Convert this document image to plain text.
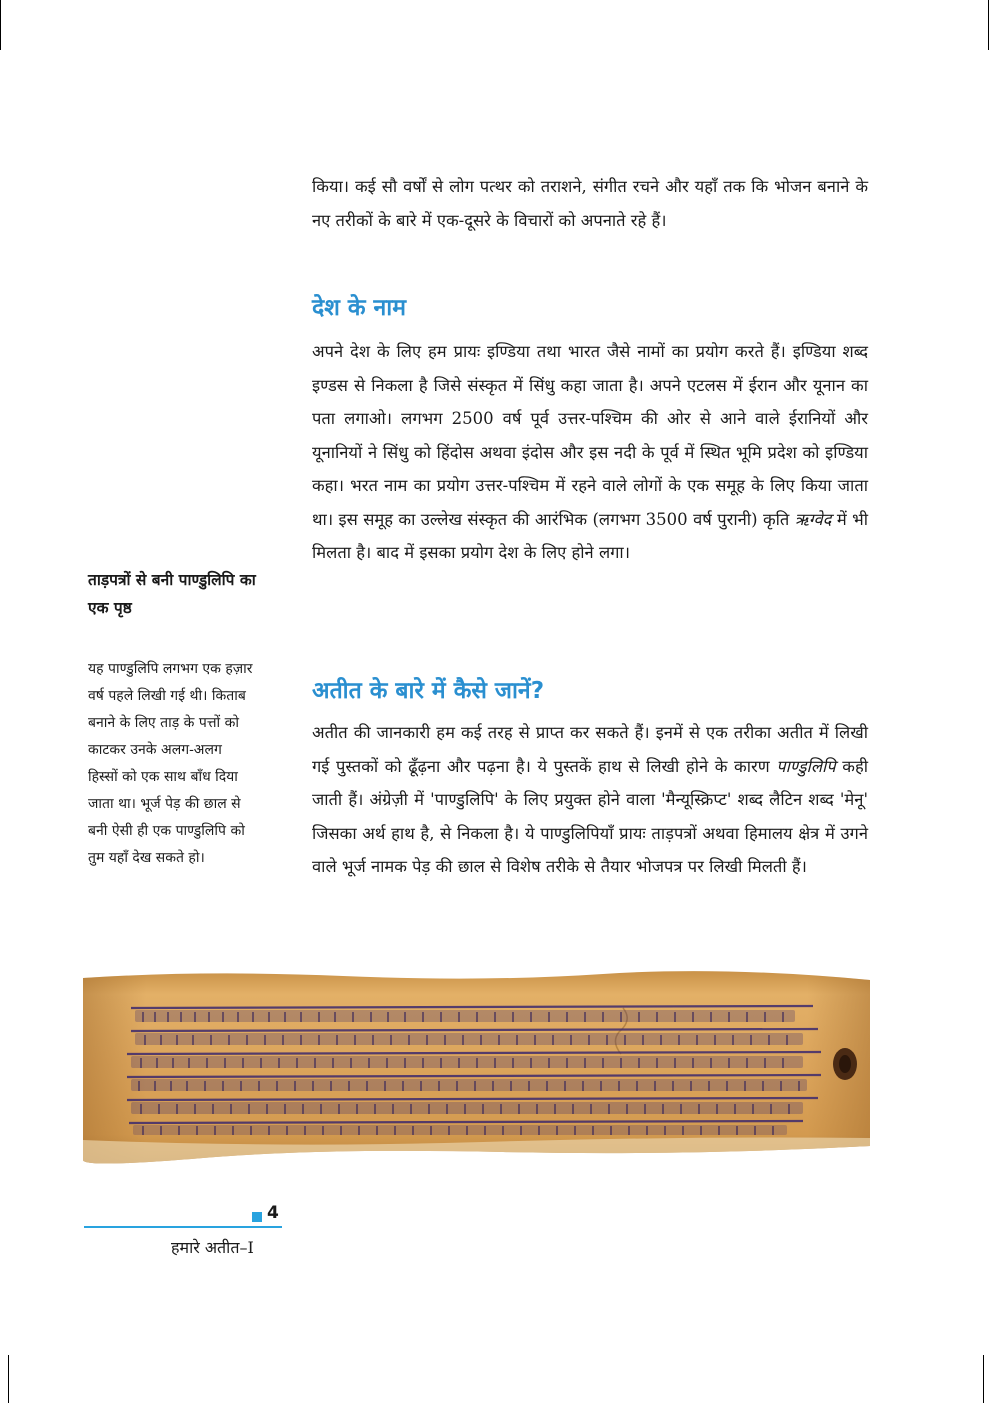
किया। कई सौ वर्षों से लोग पत्थर को तराशने, संगीत रचने और यहाँ तक कि भोजन बनाने के नए तरीकों के बारे में एक-दूसरे के विचारों को अपनाते रहे हैं।

देश के नाम

अपने देश के लिए हम प्रायः इण्डिया तथा भारत जैसे नामों का प्रयोग करते हैं। इण्डिया शब्द इण्डस से निकला है जिसे संस्कृत में सिंधु कहा जाता है। अपने एटलस में ईरान और यूनान का पता लगाओ। लगभग 2500 वर्ष पूर्व उत्तर-पश्चिम की ओर से आने वाले ईरानियों और यूनानियों ने सिंधु को हिंदोस अथवा इंदोस और इस नदी के पूर्व में स्थित भूमि प्रदेश को इण्डिया कहा। भरत नाम का प्रयोग उत्तर-पश्चिम में रहने वाले लोगों के एक समूह के लिए किया जाता था। इस समूह का उल्लेख संस्कृत की आरंभिक (लगभग 3500 वर्ष पुरानी) कृति ऋग्वेद में भी मिलता है। बाद में इसका प्रयोग देश के लिए होने लगा।

अतीत के बारे में कैसे जानें?

अतीत की जानकारी हम कई तरह से प्राप्त कर सकते हैं। इनमें से एक तरीका अतीत में लिखी गई पुस्तकों को ढूँढ़ना और पढ़ना है। ये पुस्तकें हाथ से लिखी होने के कारण पाण्डुलिपि कही जाती हैं। अंग्रेज़ी में 'पाण्डुलिपि' के लिए प्रयुक्त होने वाला 'मैन्यूस्क्रिप्ट' शब्द लैटिन शब्द 'मेनू' जिसका अर्थ हाथ है, से निकला है। ये पाण्डुलिपियाँ प्रायः ताड़पत्रों अथवा हिमालय क्षेत्र में उगने वाले भूर्ज नामक पेड़ की छाल से विशेष तरीके से तैयार भोजपत्र पर लिखी मिलती हैं।

ताड़पत्रों से बनी पाण्डुलिपि का एक पृष्ठ
यह पाण्डुलिपि लगभग एक हज़ार वर्ष पहले लिखी गई थी। किताब बनाने के लिए ताड़ के पत्तों को काटकर उनके अलग-अलग हिस्सों को एक साथ बाँध दिया जाता था। भूर्ज पेड़ की छाल से बनी ऐसी ही एक पाण्डुलिपि को तुम यहाँ देख सकते हो।
4
हमारे अतीत–I
